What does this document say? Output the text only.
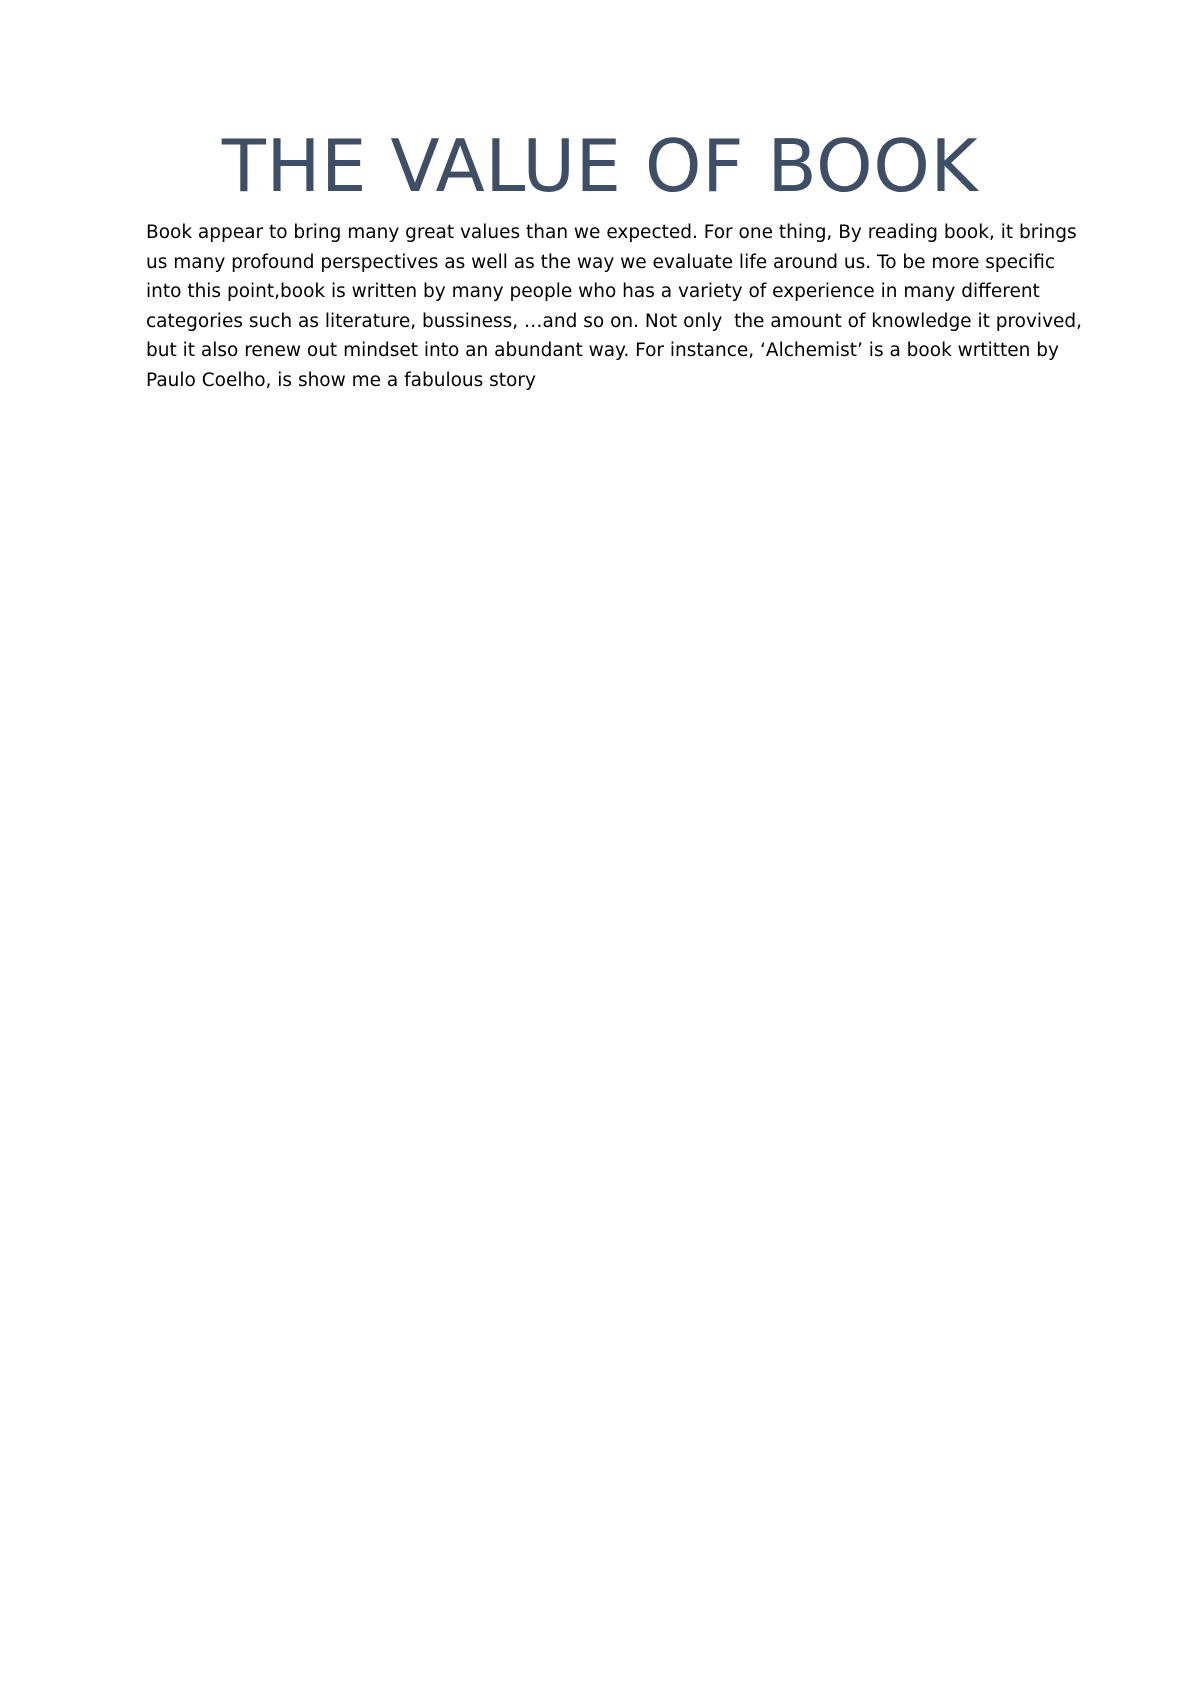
THE VALUE OF BOOK
Book appear to bring many great values than we expected. For one thing, By reading book, it brings
us many profound perspectives as well as the way we evaluate life around us. To be more specific
into this point,book is written by many people who has a variety of experience in many different
categories such as literature, bussiness, …and so on. Not only  the amount of knowledge it provived,
but it also renew out mindset into an abundant way. For instance, ‘Alchemist’ is a book wrtitten by
Paulo Coelho, is show me a fabulous story
